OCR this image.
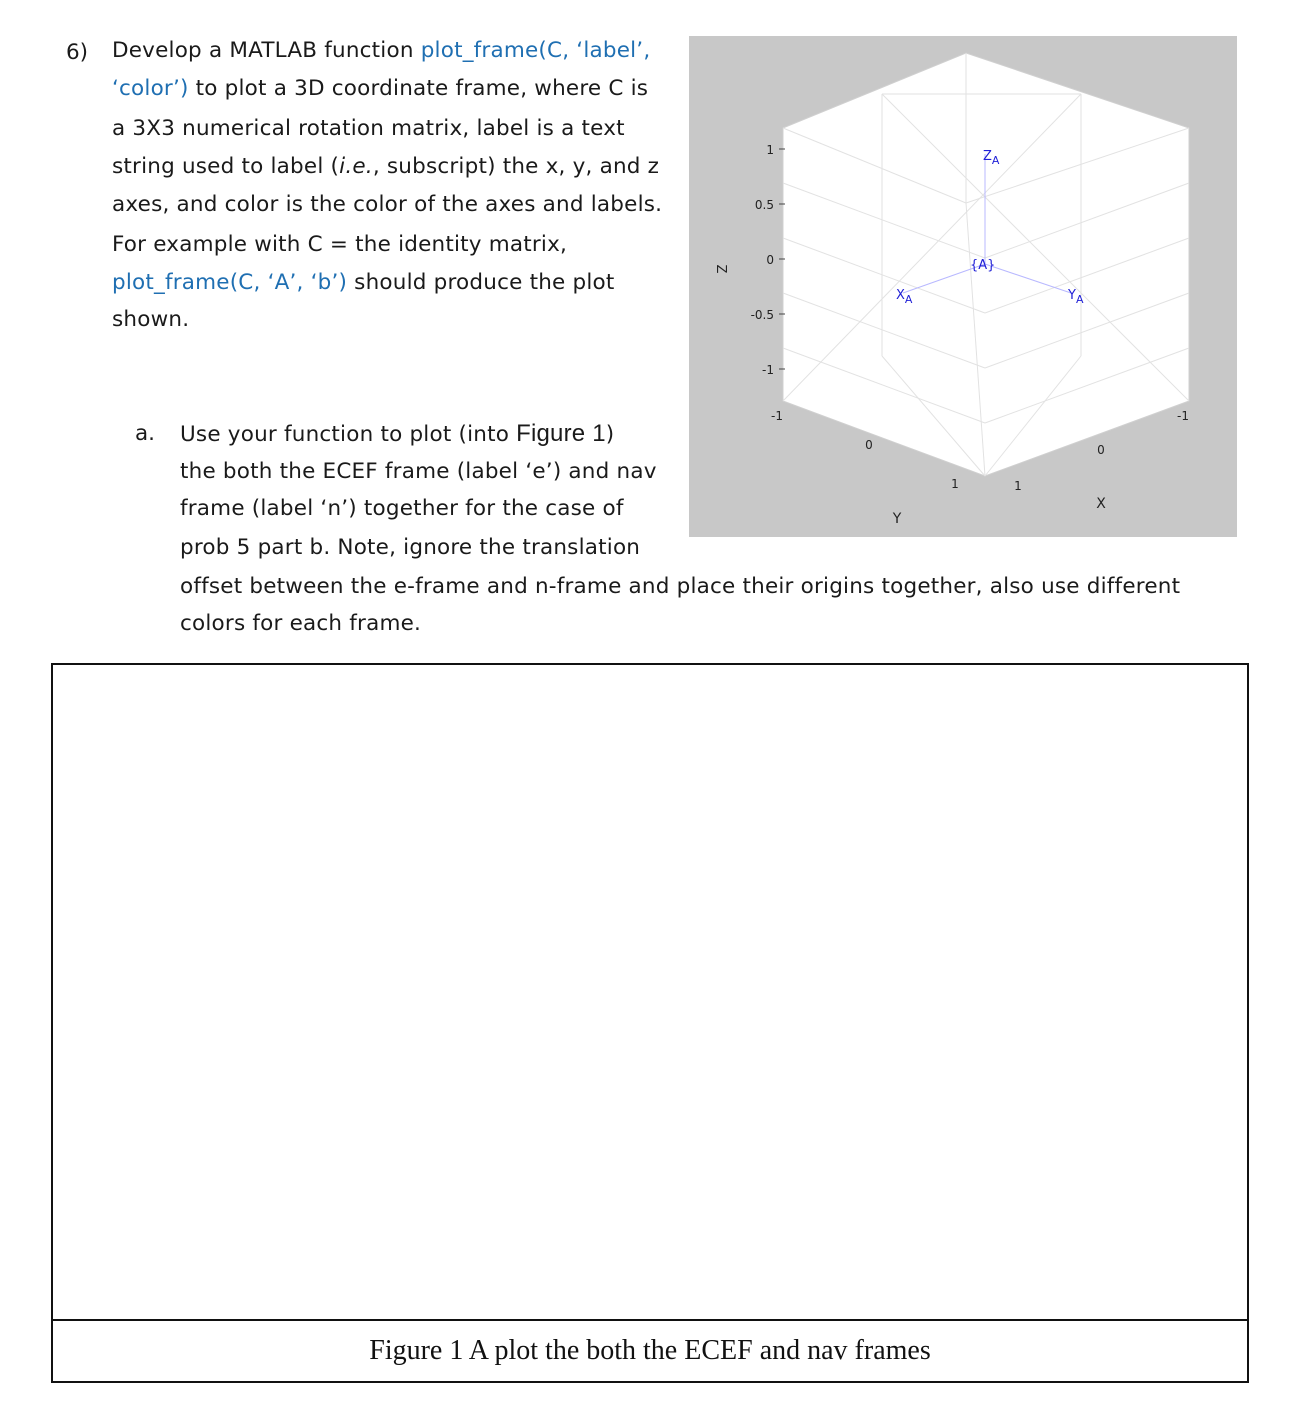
6) Develop a MATLAB function plot_frame(C, ‘label’,
‘color’) to plot a 3D coordinate frame, where C is
a 3X3 numerical rotation matrix, label is a text
string used to label (i.e., subscript) the x, y, and z
axes, and color is the color of the axes and labels.
For example with C = the identity matrix,
plot_frame(C, ‘A’, ‘b’) should produce the plot
shown.
a. Use your function to plot (into Figure 1)
the both the ECEF frame (label ‘e’) and nav
frame (label ‘n’) together for the case of
prob 5 part b. Note, ignore the translation
offset between the e-frame and n-frame and place their origins together, also use different
colors for each frame.
1
0.5
0
-0.5
-1
-1
0
1
-1
0
1
Z
X
Y
$Z_A$
$X_A$	$Y_A$
{A}
Figure 1 A plot the both the ECEF and nav frames
